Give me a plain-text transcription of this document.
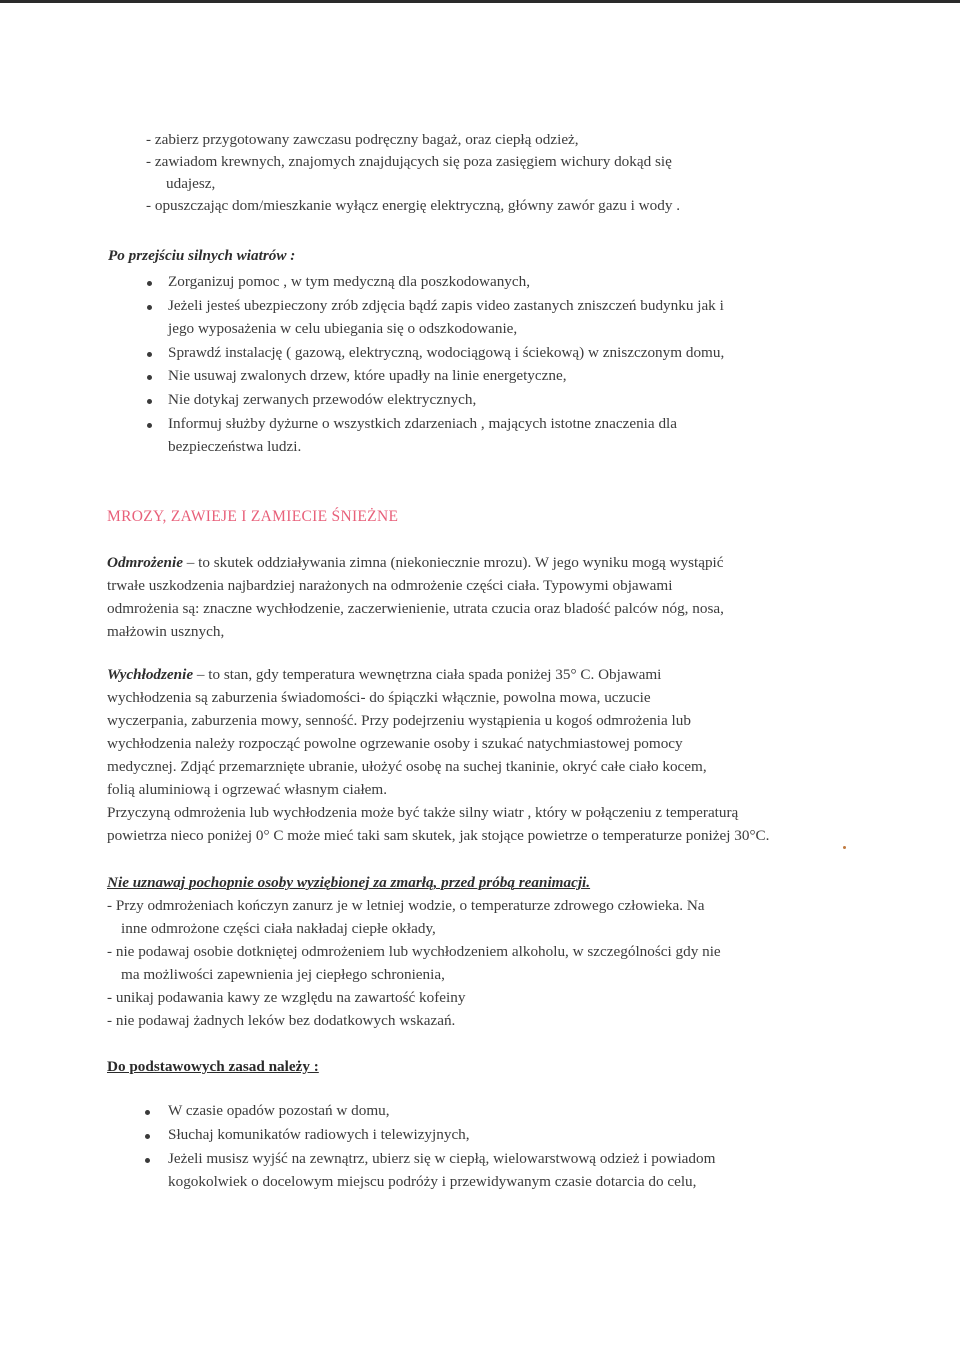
- zabierz przygotowany zawczasu podręczny bagaż, oraz ciepłą odzież,
- zawiadom krewnych, znajomych znajdujących się poza zasięgiem wichury dokąd się
udajesz,
- opuszczając dom/mieszkanie wyłącz energię elektryczną, główny zawór gazu i wody .
Po przejściu silnych wiatrów :
Zorganizuj pomoc , w tym medyczną dla poszkodowanych,
Jeżeli jesteś ubezpieczony zrób zdjęcia bądź zapis video zastanych zniszczeń budynku jak i
jego wyposażenia w celu ubiegania się o odszkodowanie,
Sprawdź instalację ( gazową, elektryczną, wodociągową i ściekową) w zniszczonym domu,
Nie usuwaj zwalonych drzew, które upadły na linie energetyczne,
Nie dotykaj zerwanych przewodów elektrycznych,
Informuj służby dyżurne o wszystkich zdarzeniach , mających istotne znaczenia dla
bezpieczeństwa ludzi.
MROZY, ZAWIEJE I ZAMIECIE ŚNIEŻNE
Odmrożenie – to skutek oddziaływania zimna (niekoniecznie mrozu). W jego wyniku mogą wystąpić
trwałe uszkodzenia najbardziej narażonych na odmrożenie części ciała. Typowymi objawami
odmrożenia są: znaczne wychłodzenie, zaczerwienienie, utrata czucia oraz bladość palców nóg, nosa,
małżowin usznych,
Wychłodzenie – to stan, gdy temperatura wewnętrzna ciała spada poniżej 35° C. Objawami
wychłodzenia są zaburzenia świadomości- do śpiączki włącznie, powolna mowa, uczucie
wyczerpania, zaburzenia mowy, senność. Przy podejrzeniu wystąpienia u kogoś odmrożenia lub
wychłodzenia należy rozpocząć powolne ogrzewanie osoby i szukać natychmiastowej pomocy
medycznej. Zdjąć przemarznięte ubranie, ułożyć osobę na suchej tkaninie, okryć całe ciało kocem,
folią aluminiową i ogrzewać własnym ciałem.
Przyczyną odmrożenia lub wychłodzenia może być także silny wiatr , który w połączeniu z temperaturą
powietrza nieco poniżej 0° C może mieć taki sam skutek, jak stojące powietrze o temperaturze poniżej 30°C.
Nie uznawaj pochopnie osoby wyziębionej za zmarłą, przed próbą reanimacji.
- Przy odmrożeniach kończyn zanurz je w letniej wodzie, o temperaturze zdrowego człowieka. Na
inne odmrożone części ciała nakładaj ciepłe okłady,
- nie podawaj osobie dotkniętej odmrożeniem lub wychłodzeniem alkoholu, w szczególności gdy nie
ma możliwości zapewnienia jej ciepłego schronienia,
- unikaj podawania kawy ze względu na zawartość kofeiny
- nie podawaj żadnych leków bez dodatkowych wskazań.
Do podstawowych zasad należy :
W czasie opadów pozostań w domu,
Słuchaj komunikatów radiowych i telewizyjnych,
Jeżeli musisz wyjść na zewnątrz, ubierz się w ciepłą, wielowarstwową odzież i powiadom
kogokolwiek o docelowym miejscu podróży i przewidywanym czasie dotarcia do celu,
